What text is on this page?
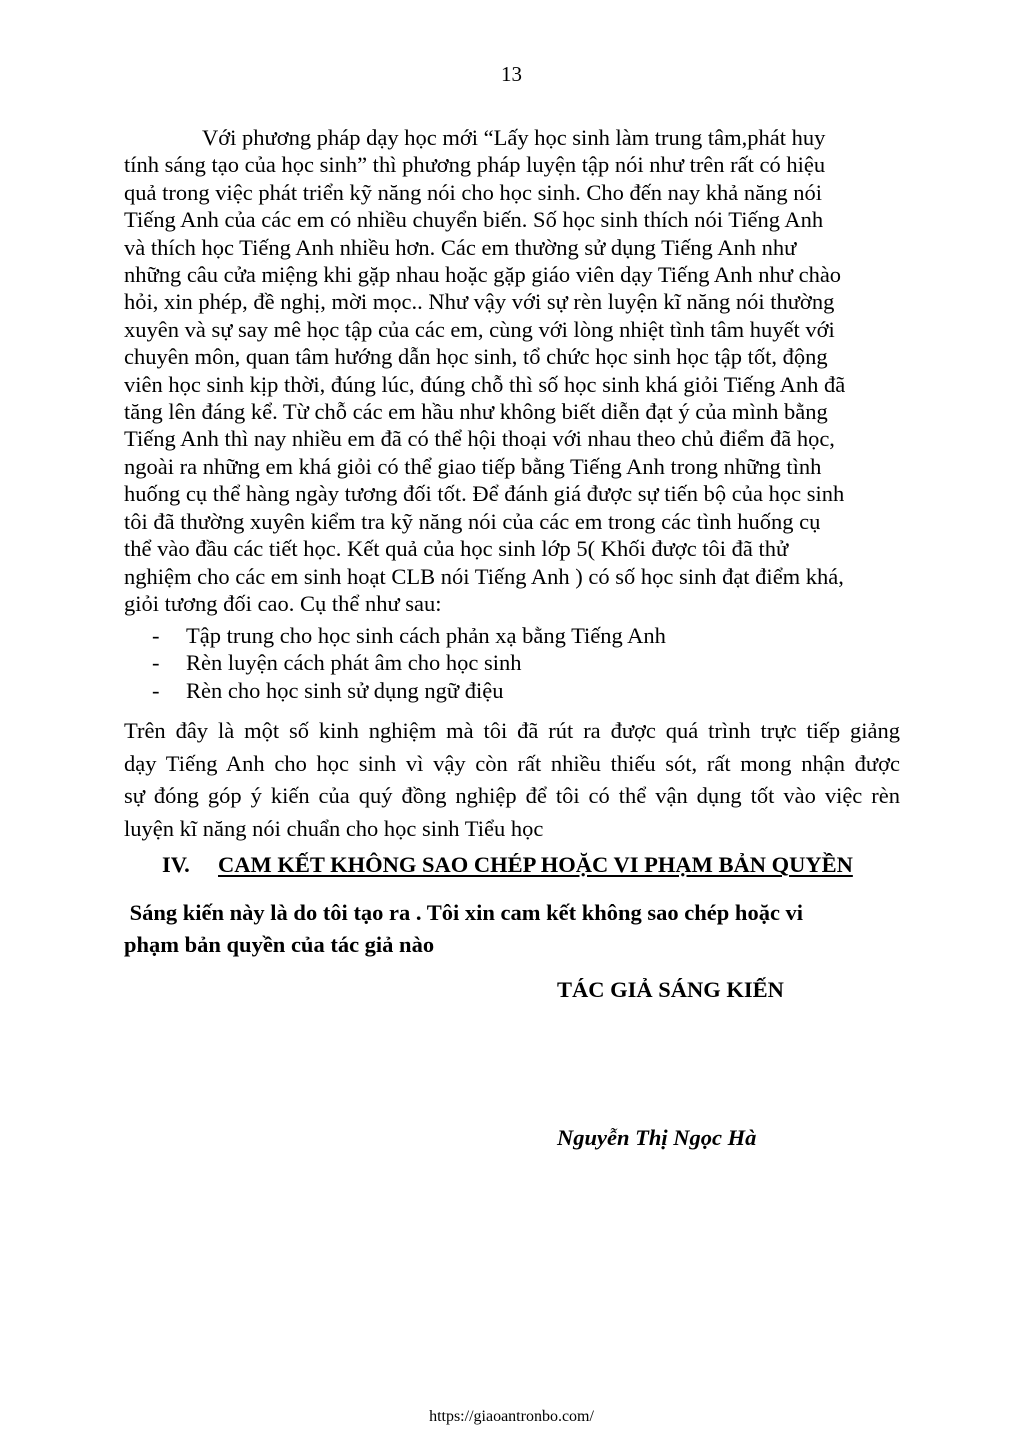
13
Với phương pháp dạy học mới “Lấy học sinh làm trung tâm,phát huy
tính sáng tạo của học sinh” thì phương pháp luyện tập nói như trên rất có hiệu
quả trong việc phát triển kỹ năng nói cho học sinh. Cho đến nay khả năng nói
Tiếng Anh của các em có nhiều chuyển biến. Số học sinh thích nói Tiếng Anh
và thích học Tiếng Anh nhiều hơn. Các em thường sử dụng Tiếng Anh như
những câu cửa miệng khi gặp nhau hoặc gặp giáo viên dạy Tiếng Anh như chào
hỏi, xin phép, đề nghị, mời mọc.. Như vậy với sự rèn luyện kĩ năng nói thường
xuyên và sự say mê học tập của các em, cùng với lòng nhiệt tình tâm huyết với
chuyên môn, quan tâm hướng dẫn học sinh, tổ chức học sinh học tập tốt, động
viên học sinh kịp thời, đúng lúc, đúng chỗ thì số học sinh khá giỏi Tiếng Anh đã
tăng lên đáng kể. Từ chỗ các em hầu như không biết diễn đạt ý của mình bằng
Tiếng Anh thì nay nhiều em đã có thể hội thoại với nhau theo chủ điểm đã học,
ngoài ra những em khá giỏi có thể giao tiếp bằng Tiếng Anh trong những tình
huống cụ thể hàng ngày tương đối tốt. Để đánh giá được sự tiến bộ của học sinh
tôi đã thường xuyên kiểm tra kỹ năng nói của các em trong các tình huống cụ
thể vào đầu các tiết học. Kết quả của học sinh lớp 5( Khối được tôi đã thử
nghiệm cho các em sinh hoạt CLB nói Tiếng Anh ) có số học sinh đạt điểm khá,
giỏi tương đối cao. Cụ thể như sau:
- Tập trung cho học sinh cách phản xạ bằng Tiếng Anh
- Rèn luyện cách phát âm cho học sinh
- Rèn cho học sinh sử dụng ngữ điệu
Trên đây là một số kinh nghiệm mà tôi đã rút ra được quá trình trực tiếp giảng
dạy Tiếng Anh cho học sinh vì vậy còn rất nhiều thiếu sót, rất mong nhận được
sự đóng góp ý kiến của quý đồng nghiệp để tôi có thể vận dụng tốt vào việc rèn
luyện kĩ năng nói chuẩn cho học sinh Tiểu học
IV. CAM KẾT KHÔNG SAO CHÉP HOẶC VI PHẠM BẢN QUYỀN
Sáng kiến này là do tôi tạo ra . Tôi xin cam kết không sao chép hoặc vi
phạm bản quyền của tác giả nào
TÁC GIẢ SÁNG KIẾN
Nguyễn Thị Ngọc Hà
https://giaoantronbo.com/
